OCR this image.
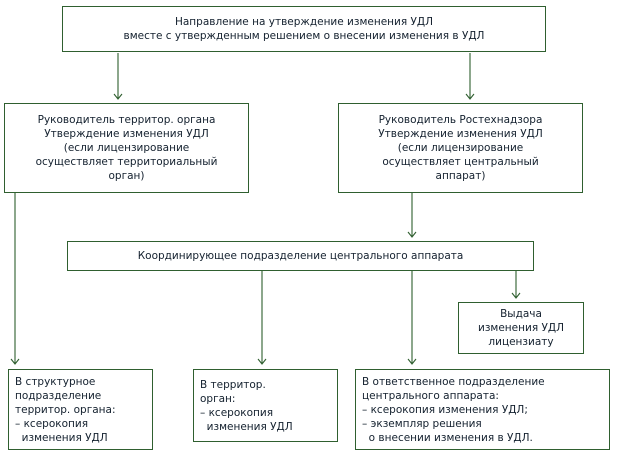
Направление на утверждение изменения УДЛ
вместе с утвержденным решением о внесении изменения в УДЛ
Руководитель территор. органа
Утверждение изменения УДЛ
(если лицензирование
осуществляет территориальный
орган)
Руководитель Ростехнадзора
Утверждение изменения УДЛ
(если лицензирование
осуществляет центральный
аппарат)
Координирующее подразделение центрального аппарата
Выдача
изменения УДЛ
лицензиату
В структурное
подразделение
территор. органа:
– ксерокопия
изменения УДЛ
В территор.
орган:
– ксерокопия
изменения УДЛ
В ответственное подразделение
центрального аппарата:
– ксерокопия изменения УДЛ;
– экземпляр решения
о внесении изменения в УДЛ.
